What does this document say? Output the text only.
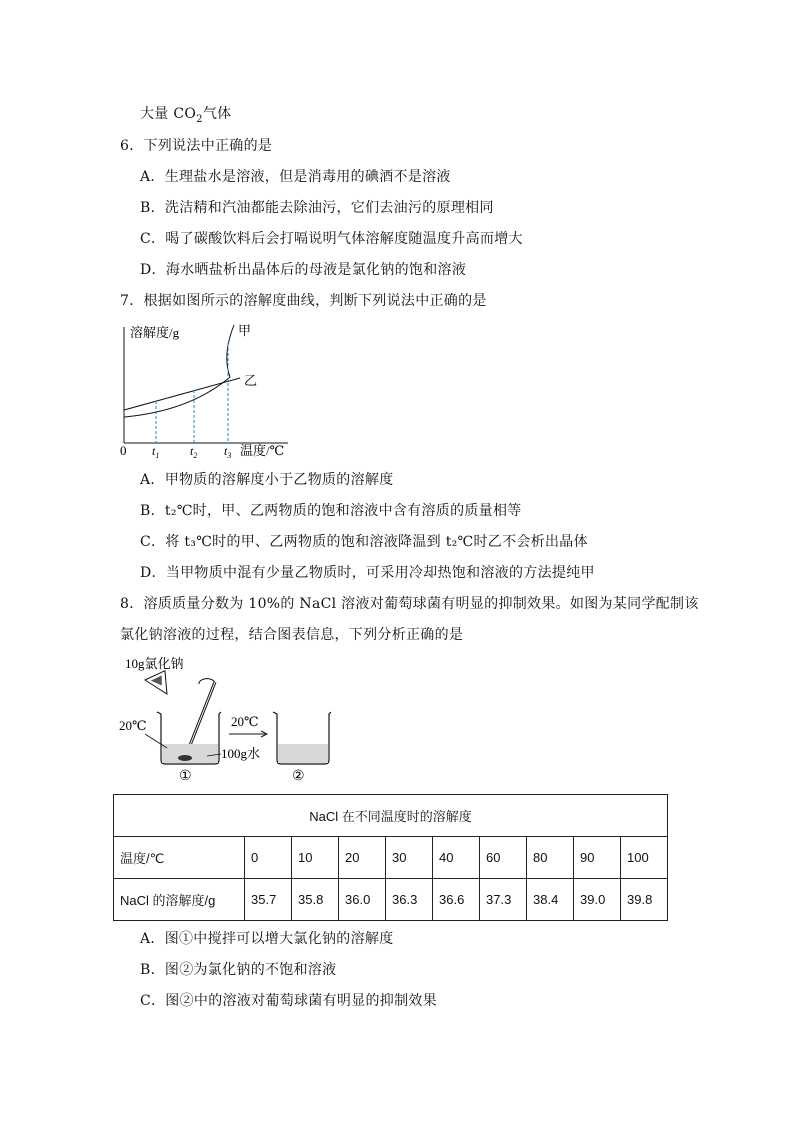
大量 $CO_2$气体
6．下列说法中正确的是
A．生理盐水是溶液，但是消毒用的碘酒不是溶液
B．洗洁精和汽油都能去除油污，它们去油污的原理相同
C．喝了碳酸饮料后会打嗝说明气体溶解度随温度升高而增大
D．海水晒盐析出晶体后的母液是氯化钠的饱和溶液
7．根据如图所示的溶解度曲线，判断下列说法中正确的是
溶解度/g	甲
乙
0	温度/℃
$t_1$	$t_2$ $t_3$
A．甲物质的溶解度小于乙物质的溶解度
B．t₂℃时，甲、乙两物质的饱和溶液中含有溶质的质量相等
C．将 t₃℃时的甲、乙两物质的饱和溶液降温到 t₂℃时乙不会析出晶体
D．当甲物质中混有少量乙物质时，可采用冷却热饱和溶液的方法提纯甲
8．溶质质量分数为 10%的 NaCl 溶液对葡萄球菌有明显的抑制效果。如图为某同学配制该
氯化钠溶液的过程，结合图表信息，下列分析正确的是
10g氯化钠
20℃
100g水
①
20℃
②
NaCl 在不同温度时的溶解度									
温度/℃	0	10	20	30	40	60	80	90	100
NaCl 的溶解度/g	35.7	35.8	36.0	36.3	36.6	37.3	38.4	39.0	39.8
A．图①中搅拌可以增大氯化钠的溶解度
B．图②为氯化钠的不饱和溶液
C．图②中的溶液对葡萄球菌有明显的抑制效果
